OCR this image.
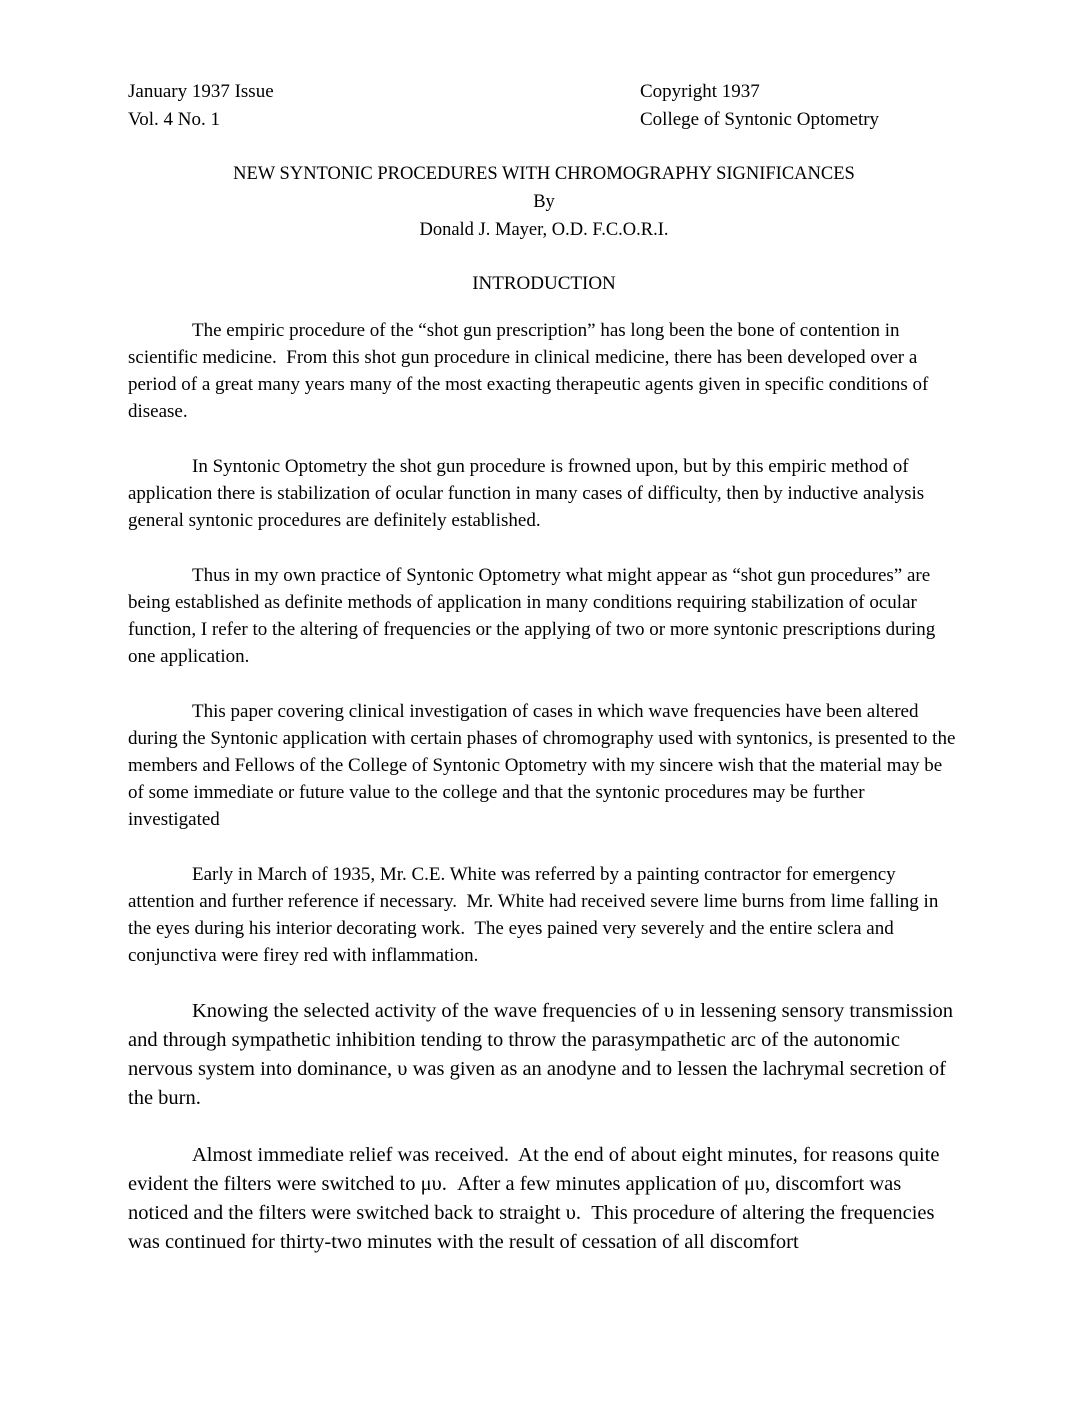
January 1937 Issue
Vol. 4 No. 1
Copyright 1937
College of Syntonic Optometry
NEW SYNTONIC PROCEDURES WITH CHROMOGRAPHY SIGNIFICANCES
By
Donald J. Mayer, O.D. F.C.O.R.I.
INTRODUCTION

The empiric procedure of the “shot gun prescription” has long been the bone of contention in scientific medicine.  From this shot gun procedure in clinical medicine, there has been developed over a period of a great many years many of the most exacting therapeutic agents given in specific conditions of disease.

In Syntonic Optometry the shot gun procedure is frowned upon, but by this empiric method of application there is stabilization of ocular function in many cases of difficulty, then by inductive analysis general syntonic procedures are definitely established.

Thus in my own practice of Syntonic Optometry what might appear as “shot gun procedures” are being established as definite methods of application in many conditions requiring stabilization of ocular function, I refer to the altering of frequencies or the applying of two or more syntonic prescriptions during one application.

This paper covering clinical investigation of cases in which wave frequencies have been altered during the Syntonic application with certain phases of chromography used with syntonics, is presented to the members and Fellows of the College of Syntonic Optometry with my sincere wish that the material may be of some immediate or future value to the college and that the syntonic procedures may be further investigated

Early in March of 1935, Mr. C.E. White was referred by a painting contractor for emergency attention and further reference if necessary.  Mr. White had received severe lime burns from lime falling in the eyes during his interior decorating work.  The eyes pained very severely and the entire sclera and conjunctiva were firey red with inflammation.

Knowing the selected activity of the wave frequencies of υ in lessening sensory transmission and through sympathetic inhibition tending to throw the parasympathetic arc of the autonomic nervous system into dominance, υ was given as an anodyne and to lessen the lachrymal secretion of the burn.

Almost immediate relief was received.  At the end of about eight minutes, for reasons quite evident the filters were switched to μυ.  After a few minutes application of μυ, discomfort was noticed and the filters were switched back to straight υ.  This procedure of altering the frequencies was continued for thirty-two minutes with the result of cessation of all discomfort
